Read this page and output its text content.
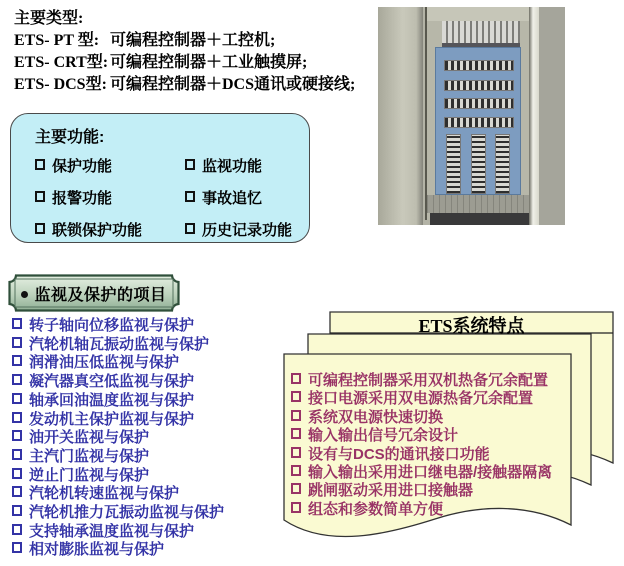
主要类型:
ETS- PT 型: 可编程控制器＋工控机;
ETS- CRT型: 可编程控制器＋工业触摸屏;
ETS- DCS型: 可编程控制器＋DCS通讯或硬接线;
主要功能:
保护功能	监视功能
报警功能	事故追忆
联锁保护功能	历史记录功能
监视及保护的项目
转子轴向位移监视与保护
汽轮机轴瓦振动监视与保护
润滑油压低监视与保护
凝汽器真空低监视与保护
轴承回油温度监视与保护
发动机主保护监视与保护
油开关监视与保护
主汽门监视与保护
逆止门监视与保护
汽轮机转速监视与保护
汽轮机推力瓦振动监视与保护
支持轴承温度监视与保护
相对膨胀监视与保护
ETS系统特点
可编程控制器采用双机热备冗余配置
接口电源采用双电源热备冗余配置
系统双电源快速切换
输入输出信号冗余设计
设有与DCS的通讯接口功能
输入输出采用进口继电器/接触器隔离
跳闸驱动采用进口接触器
组态和参数简单方便
